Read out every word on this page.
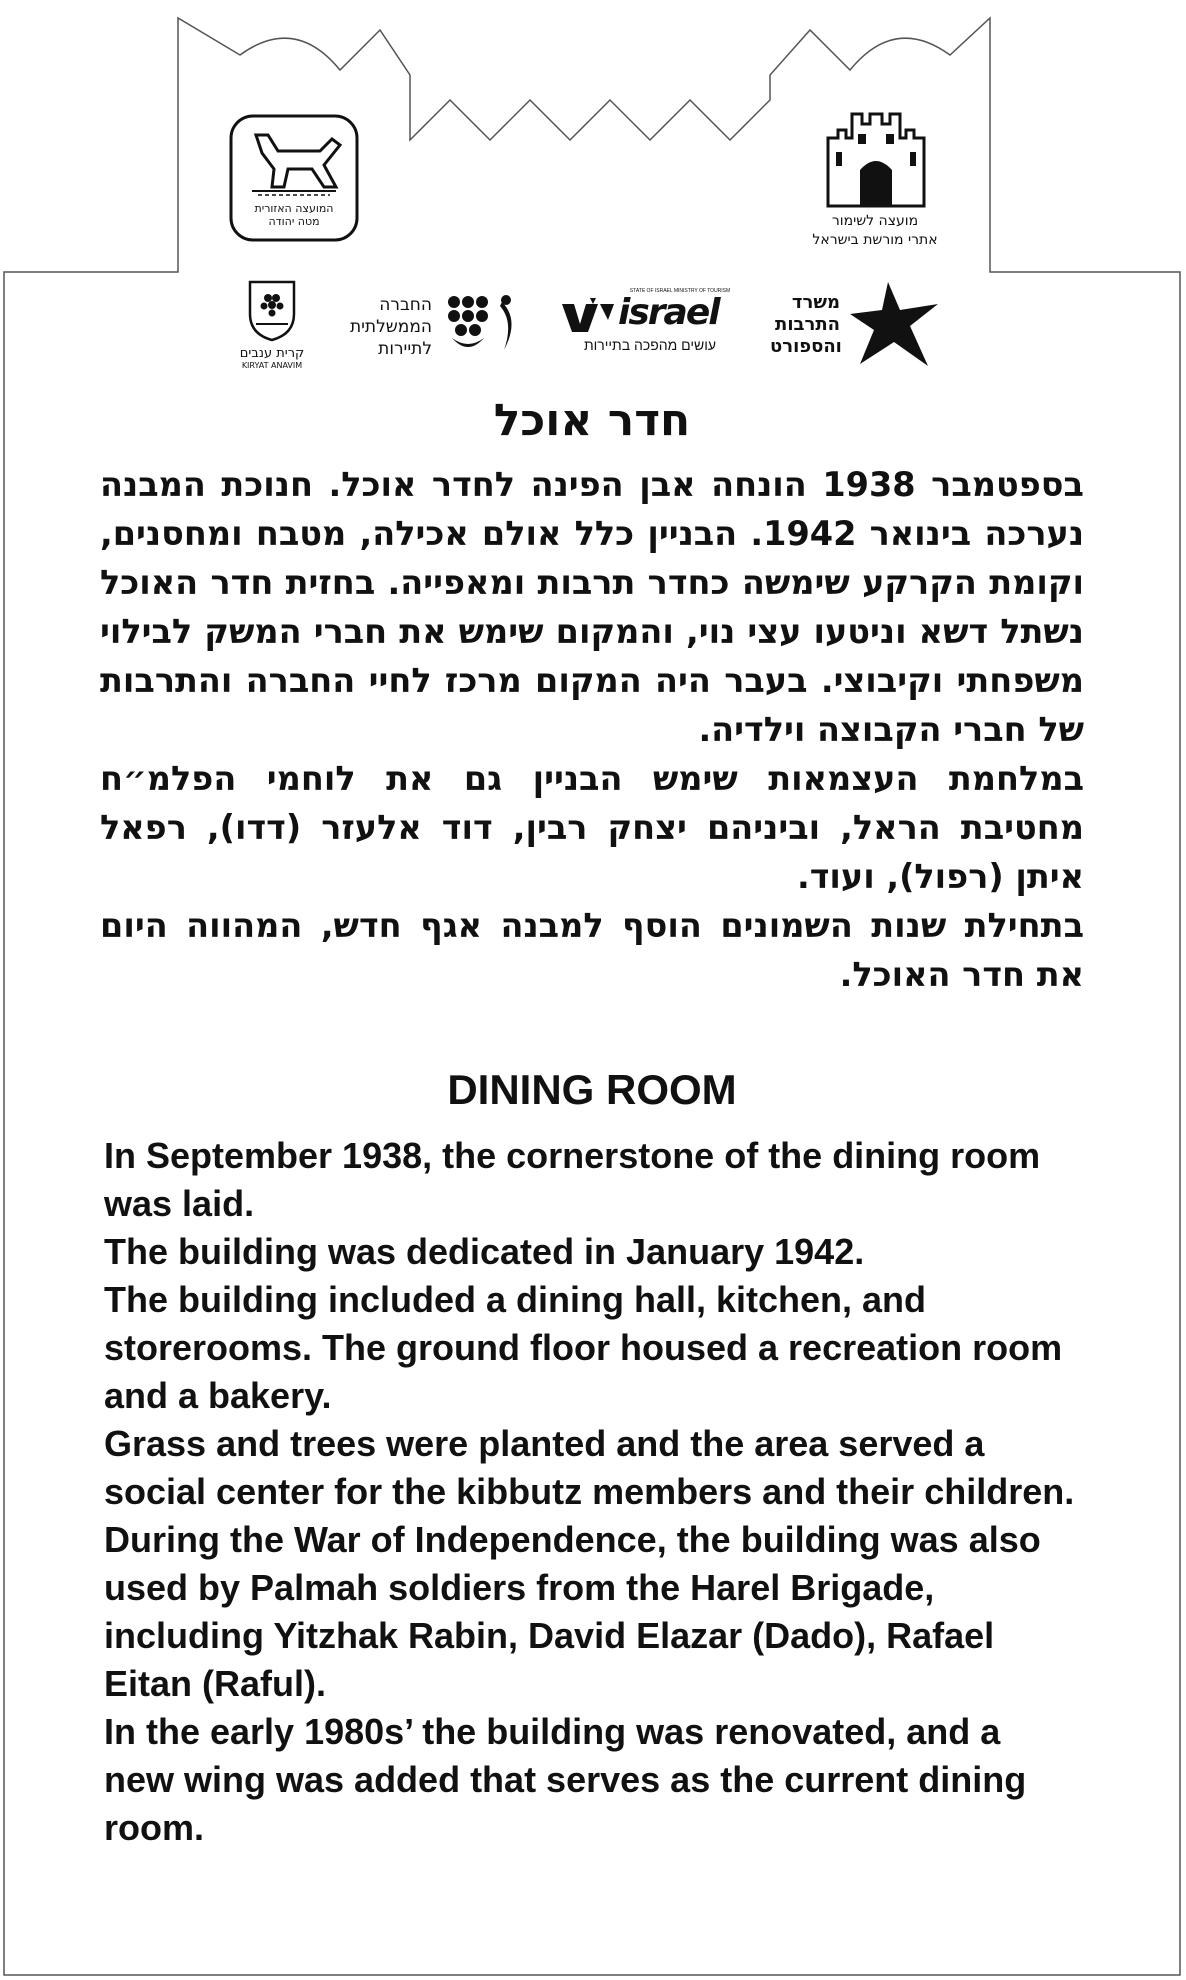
המועצה האזורית
מטה יהודה	מועצה לשימור
אתרי מורשת בישראל
קרית ענבים
KIRYAT ANAVIM
החברה
הממשלתית
לתיירות
STATE OF ISRAEL MINISTRY OF TOURISM
israel
עושים מהפכה בתיירות
משרד
התרבות
והספורט
חדר אוכל

בספטמבר 1938 הונחה אבן הפינה לחדר אוכל. חנוכת המבנה נערכה בינואר 1942. הבניין כלל אולם אכילה, מטבח ומחסנים, וקומת הקרקע שימשה כחדר תרבות ומאפייה. בחזית חדר האוכל נשתל דשא וניטעו עצי נוי, והמקום שימש את חברי המשק לבילוי משפחתי וקיבוצי. בעבר היה המקום מרכז לחיי החברה והתרבות של חברי הקבוצה וילדיה.

במלחמת העצמאות שימש הבניין גם את לוחמי הפלמ״ח מחטיבת הראל, וביניהם יצחק רבין, דוד אלעזר (דדו), רפאל איתן (רפול), ועוד.

בתחילת שנות השמונים הוסף למבנה אגף חדש, המהווה היום את חדר האוכל.

DINING ROOM

In September 1938, the cornerstone of the dining room was laid.

The building was dedicated in January 1942.

The building included a dining hall, kitchen, and storerooms. The ground floor housed a recreation room and a bakery.

Grass and trees were planted and the area served a social center for the kibbutz members and their children.

During the War of Independence, the building was also used by Palmah soldiers from the Harel Brigade, including Yitzhak Rabin, David Elazar (Dado), Rafael Eitan (Raful).

In the early 1980s’ the building was renovated, and a new wing was added that serves as the current dining room.
